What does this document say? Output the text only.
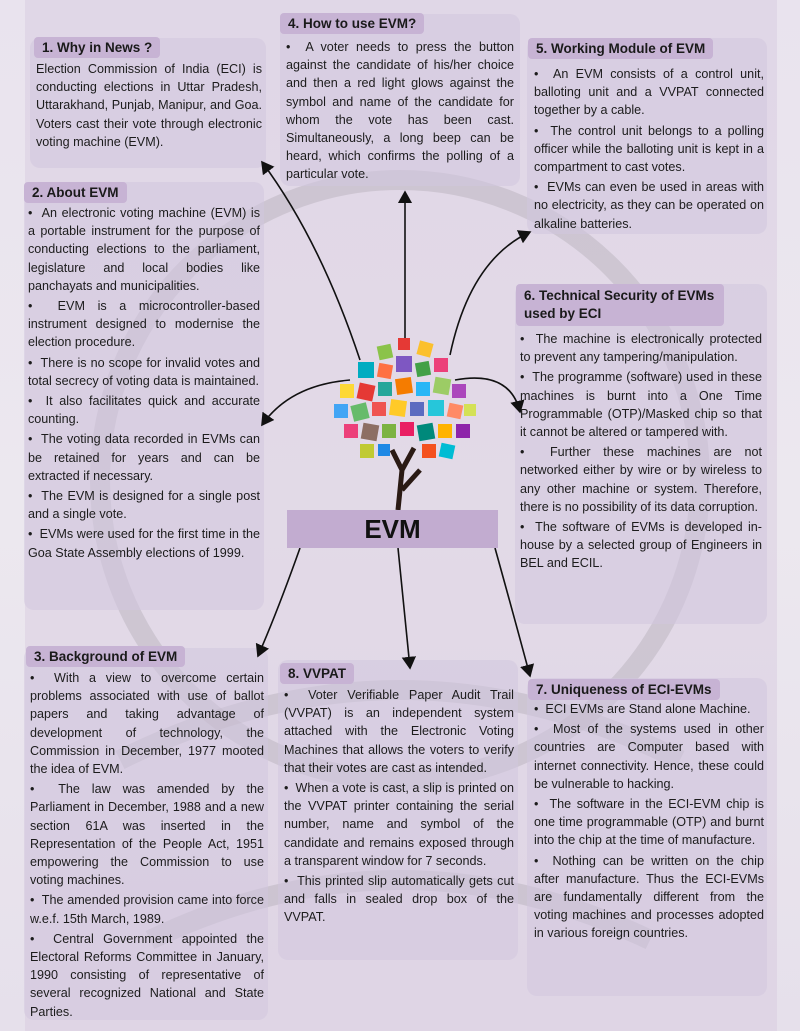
EVM
1. Why in News ?

Election Commission of India (ECI) is conducting elections in Uttar Pradesh, Uttarakhand, Punjab, Manipur, and Goa. Voters cast their vote through electronic voting machine (EVM).

4. How to use EVM?

•  A voter needs to press the button against the candidate of his/her choice and then a red light glows against the symbol and name of the candidate for whom the vote has been cast. Simultaneously, a long beep can be heard, which confirms the polling of a particular vote.

5. Working Module of EVM

•  An EVM consists of a control unit, balloting unit and a VVPAT connected together by a cable.

•  The control unit belongs to a polling officer while the balloting unit is kept in a compartment to cast votes.

•  EVMs can even be used in areas with no electricity, as they can be operated on alkaline batteries.

2. About EVM

•  An electronic voting machine (EVM) is a portable instrument for the purpose of conducting elections to the parliament, legislature and local bodies like panchayats and municipalities.

•  EVM is a microcontroller-based instrument designed to modernise the election procedure.

•  There is no scope for invalid votes and total secrecy of voting data is maintained.

•  It also facilitates quick and accurate counting.

•  The voting data recorded in EVMs can be retained for years and can be extracted if necessary.

•  The EVM is designed for a single post and a single vote.

•  EVMs were used for the first time in the Goa State Assembly elections of 1999.

6. Technical Security of EVMs used by ECI

•  The machine is electronically protected to prevent any tampering/manipulation.

•  The programme (software) used in these machines is burnt into a One Time Programmable (OTP)/Masked chip so that it cannot be altered or tampered with.

•  Further these machines are not networked either by wire or by wireless to any other machine or system. Therefore, there is no possibility of its data corruption.

•  The software of EVMs is developed in-house by a selected group of Engineers in BEL and ECIL.

3. Background of EVM

•  With a view to overcome certain problems associated with use of ballot papers and taking advantage of development of technology, the Commission in December, 1977 mooted the idea of EVM.

•  The law was amended by the Parliament in December, 1988 and a new section 61A was inserted in the Representation of the People Act, 1951 empowering the Commission to use voting machines.

•  The amended provision came into force w.e.f. 15th March, 1989.

•  Central Government appointed the Electoral Reforms Committee in January, 1990 consisting of representative of several recognized National and State Parties.

8. VVPAT

•  Voter Verifiable Paper Audit Trail (VVPAT) is an independent system attached with the Electronic Voting Machines that allows the voters to verify that their votes are cast as intended.

•  When a vote is cast, a slip is printed on the VVPAT printer containing the serial number, name and symbol of the candidate and remains exposed through a transparent window for 7 seconds.

•  This printed slip automatically gets cut and falls in sealed drop box of the VVPAT.

7. Uniqueness of ECI-EVMs

•  ECI EVMs are Stand alone Machine.

•  Most of the systems used in other countries are Computer based with internet connectivity. Hence, these could be vulnerable to hacking.

•  The software in the ECI-EVM chip is one time programmable (OTP) and burnt into the chip at the time of manufacture.

•  Nothing can be written on the chip after manufacture. Thus the ECI-EVMs are fundamentally different from the voting machines and processes adopted in various foreign countries.
